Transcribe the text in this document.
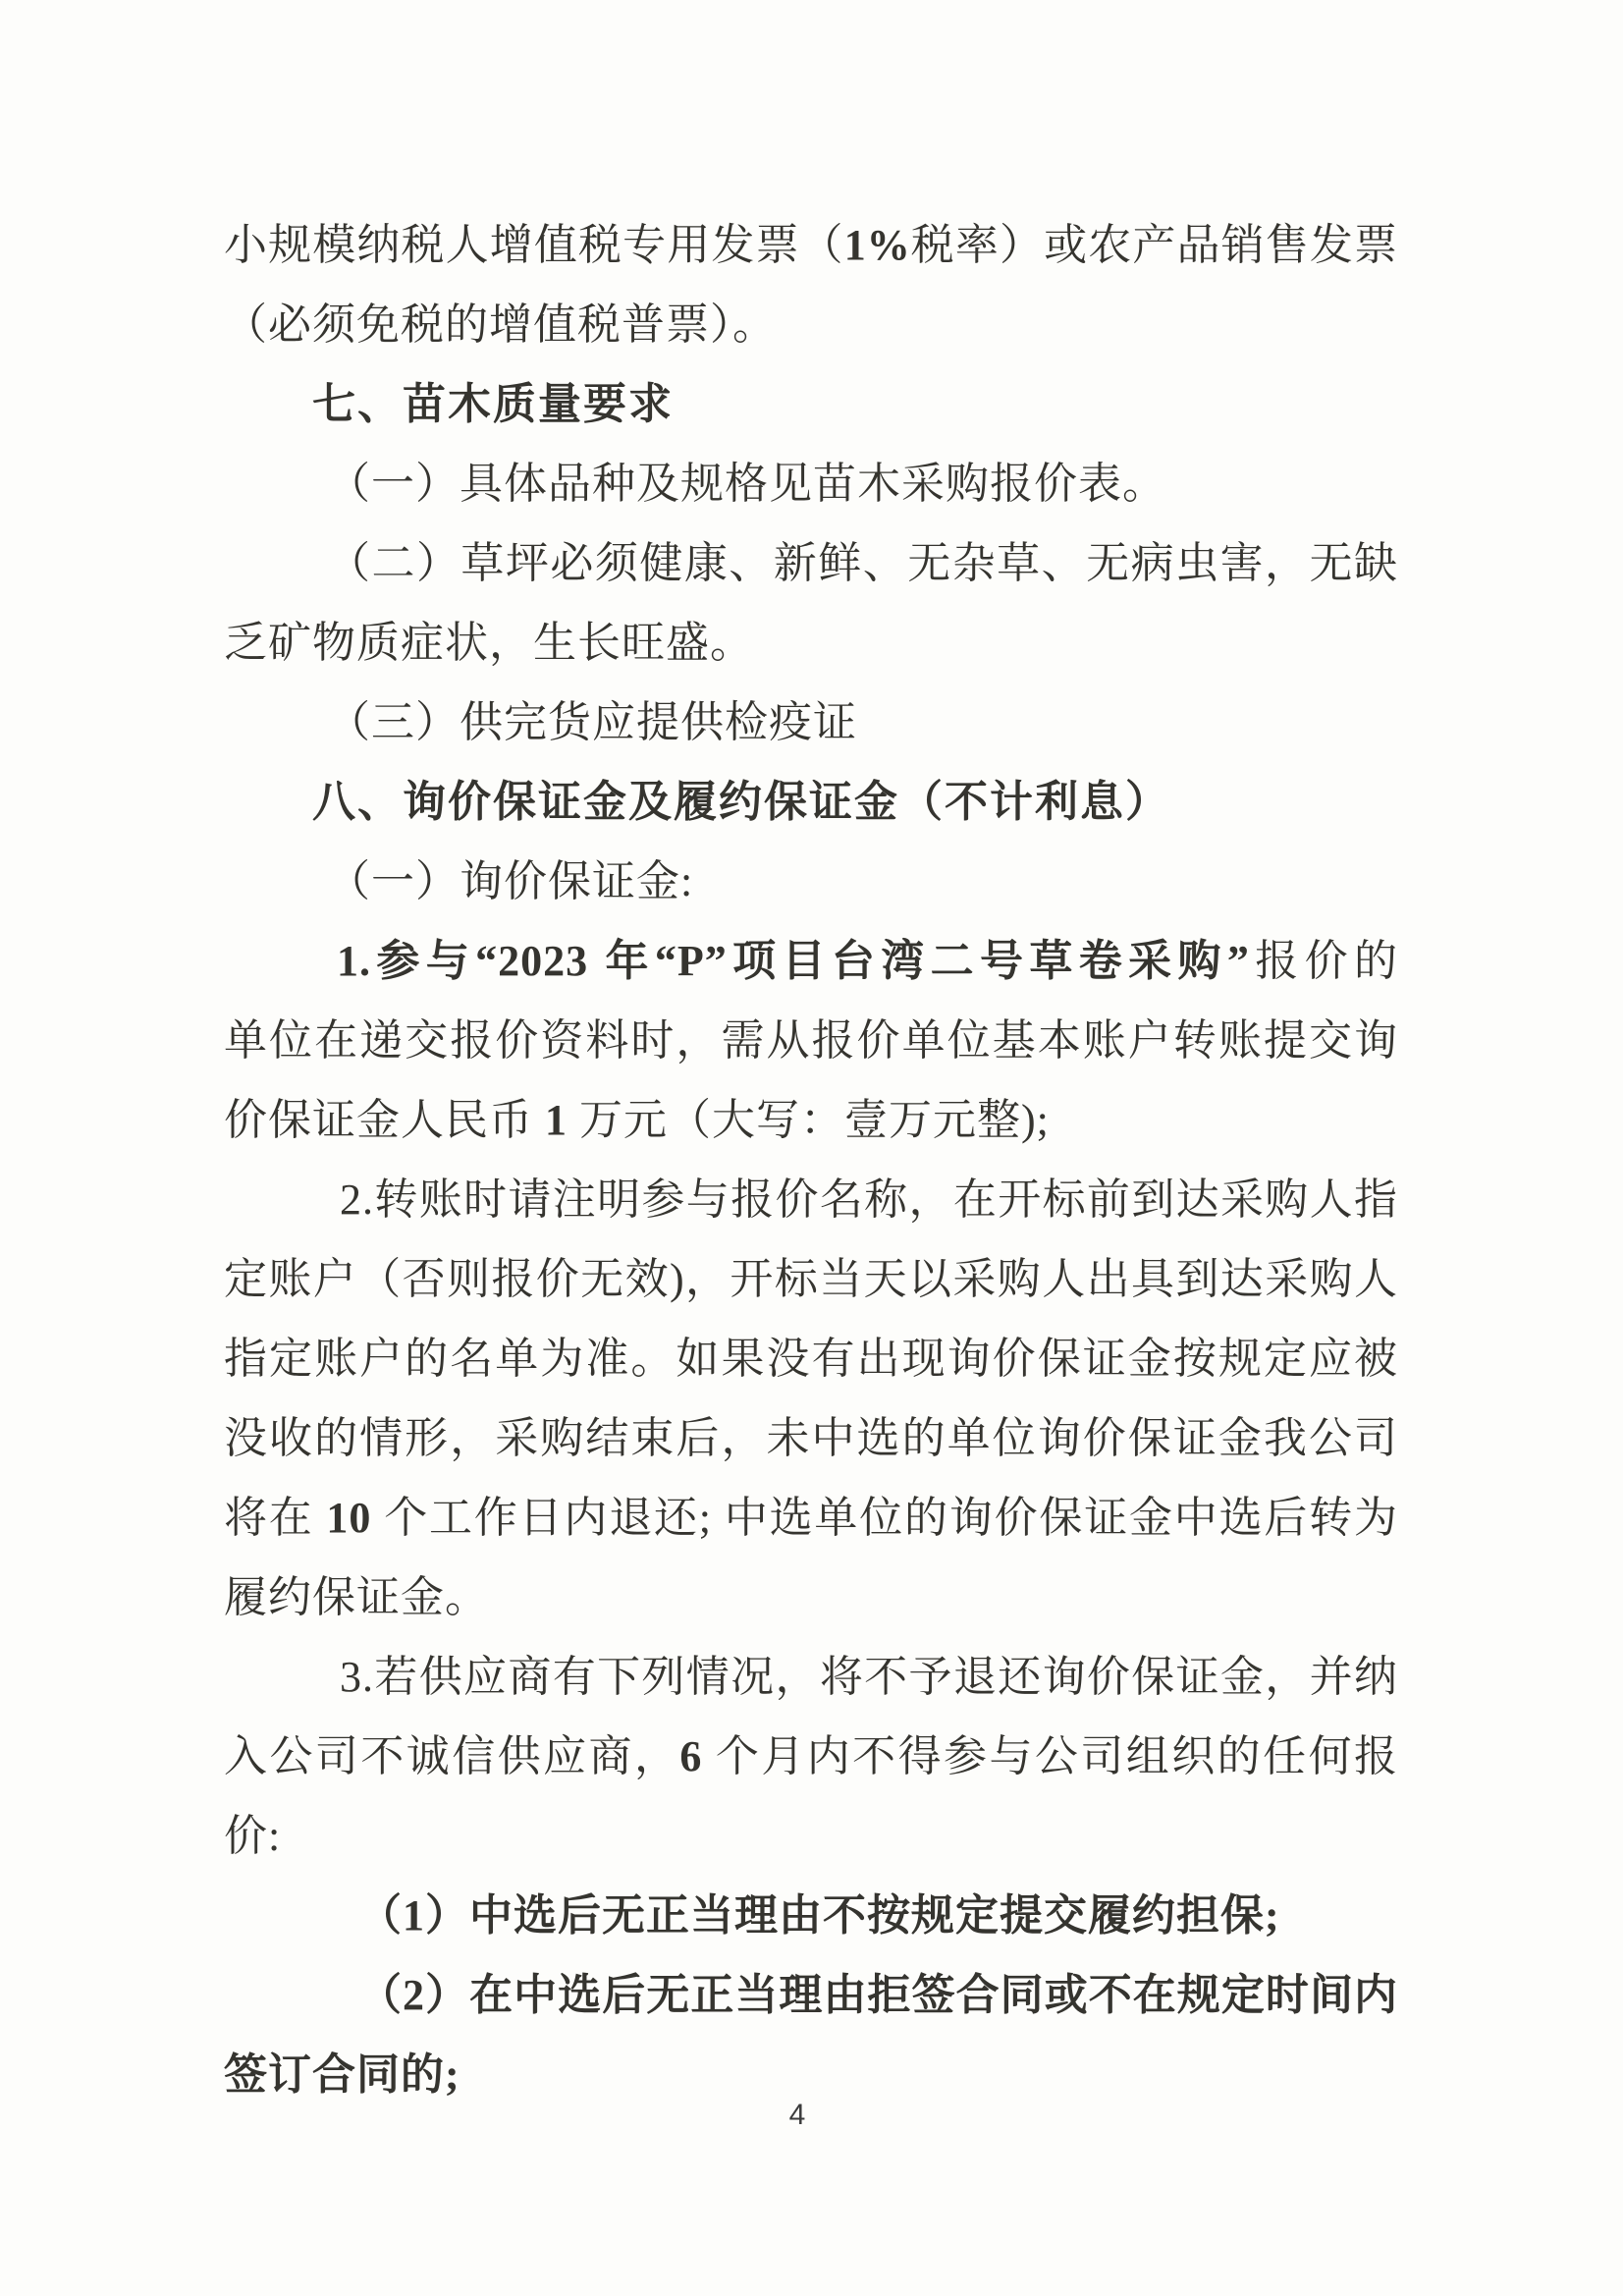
小规模纳税人增值税专用发票（1%税率）或农产品销售发票
（必须免税的增值税普票）。
七、苗木质量要求
（一）具体品种及规格见苗木采购报价表。
（二）草坪必须健康、新鲜、无杂草、无病虫害，无缺
乏矿物质症状，生长旺盛。
（三）供完货应提供检疫证
八、询价保证金及履约保证金（不计利息）
（一）询价保证金:
1.参与“2023 年“P”项目台湾二号草卷采购”报价的
单位在递交报价资料时，需从报价单位基本账户转账提交询
价保证金人民币 1 万元（大写：壹万元整);
2.转账时请注明参与报价名称，在开标前到达采购人指
定账户（否则报价无效)，开标当天以采购人出具到达采购人
指定账户的名单为准。如果没有出现询价保证金按规定应被
没收的情形，采购结束后，未中选的单位询价保证金我公司
将在 10 个工作日内退还; 中选单位的询价保证金中选后转为
履约保证金。
3.若供应商有下列情况，将不予退还询价保证金，并纳
入公司不诚信供应商，6 个月内不得参与公司组织的任何报
价:
（1）中选后无正当理由不按规定提交履约担保;
（2）在中选后无正当理由拒签合同或不在规定时间内
签订合同的;
4
